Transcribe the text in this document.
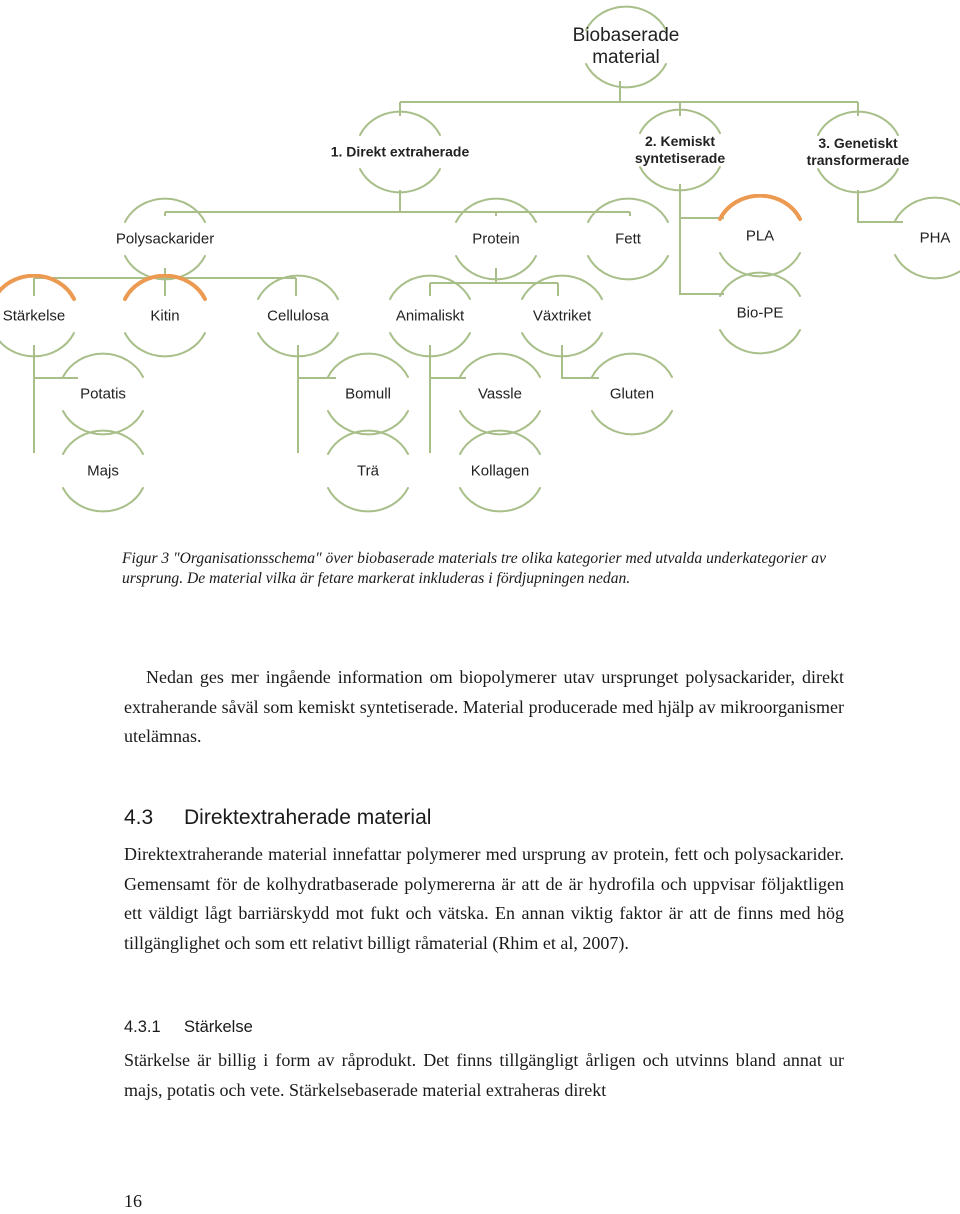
Biobaserade material
1. Direkt extraherade
2. Kemiskt syntetiserade
3. Genetiskt transformerade
Polysackarider	Protein	Fett	PLA	PHA
Bio-PE
Stärkelse	Kitin	Cellulosa	Animaliskt	Växtriket
Potatis	Bomull	Vassle	Gluten
Majs	Trä	Kollagen

Figur 3 "Organisationsschema" över biobaserade materials tre olika kategorier med utvalda underkategorier av ursprung. De material vilka är fetare markerat inkluderas i fördjupningen nedan.

Nedan ges mer ingående information om biopolymerer utav ursprunget polysackarider, direkt extraherande såväl som kemiskt syntetiserade. Material producerade med hjälp av mikroorganismer utelämnas.

4.3 Direktextraherade material

Direktextraherande material innefattar polymerer med ursprung av protein, fett och polysackarider. Gemensamt för de kolhydratbaserade polymererna är att de är hydrofila och uppvisar följaktligen ett väldigt lågt barriärskydd mot fukt och vätska. En annan viktig faktor är att de finns med hög tillgänglighet och som ett relativt billigt råmaterial (Rhim et al, 2007).

4.3.1 Stärkelse

Stärkelse är billig i form av råprodukt. Det finns tillgängligt årligen och utvinns bland annat ur majs, potatis och vete. Stärkelsebaserade material extraheras direkt

16
